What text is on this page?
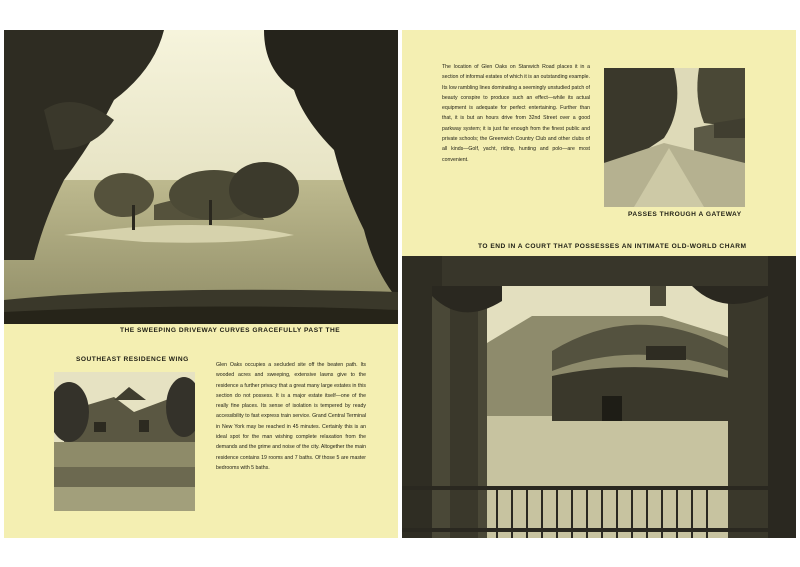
THE SWEEPING DRIVEWAY CURVES GRACEFULLY PAST THE
SOUTHEAST RESIDENCE WING
Glen Oaks occupies a secluded site off the beaten path. Its wooded acres and sweeping, extensive lawns give to the residence a further privacy that a great many large estates in this section do not possess. It is a major estate itself—one of the really fine places. Its sense of isolation is tempered by ready accessibility to fast express train service. Grand Central Terminal in New York may be reached in 45 minutes. Certainly this is an ideal spot for the man wishing complete relaxation from the demands and the grime and noise of the city. Altogether the main residence contains 19 rooms and 7 baths. Of those 5 are master bedrooms with 5 baths.
The location of Glen Oaks on Stanwich Road places it in a section of informal estates of which it is an outstanding example. Its low rambling lines dominating a seemingly unstudied patch of beauty conspire to produce such an effect—while its actual equipment is adequate for perfect entertaining. Further than that, it is but an hours drive from 32nd Street over a good parkway system; it is just far enough from the finest public and private schools; the Greenwich Country Club and other clubs of all kinds—Golf, yacht, riding, hunting and polo—are most convenient.
PASSES THROUGH A GATEWAY
TO END IN A COURT THAT POSSESSES AN INTIMATE OLD-WORLD CHARM
